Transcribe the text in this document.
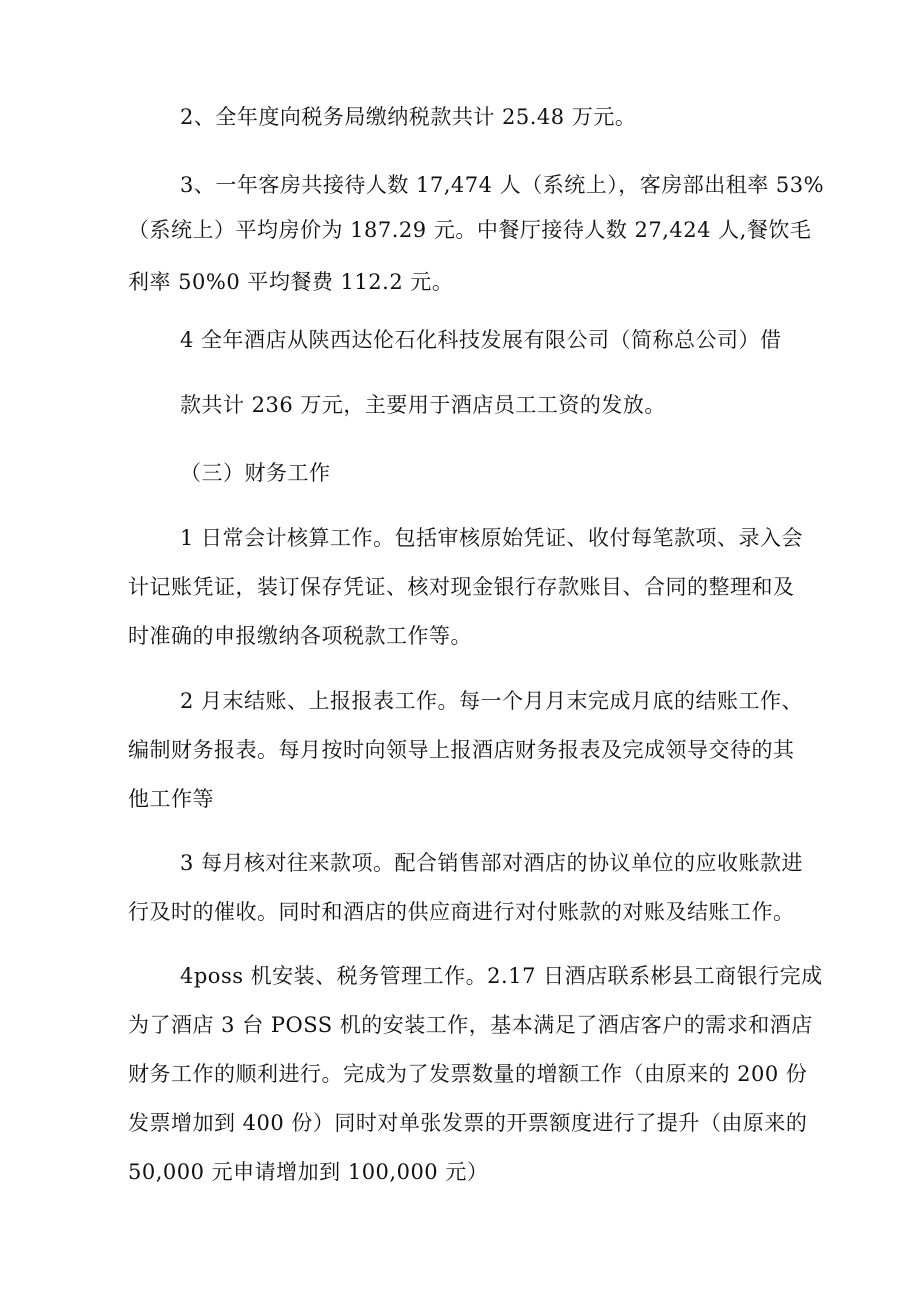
2、全年度向税务局缴纳税款共计 25.48 万元。
3、一年客房共接待人数 17,474 人（系统上），客房部出租率 53%
（系统上）平均房价为 187.29 元。中餐厅接待人数 27,424 人,餐饮毛
利率 50%0 平均餐费 112.2 元。
4 全年酒店从陕西达伦石化科技发展有限公司（简称总公司）借
款共计 236 万元，主要用于酒店员工工资的发放。
（三）财务工作
1 日常会计核算工作。包括审核原始凭证、收付每笔款项、录入会
计记账凭证，装订保存凭证、核对现金银行存款账目、合同的整理和及
时准确的申报缴纳各项税款工作等。
2 月末结账、上报报表工作。每一个月月末完成月底的结账工作、
编制财务报表。每月按时向领导上报酒店财务报表及完成领导交待的其
他工作等
3 每月核对往来款项。配合销售部对酒店的协议单位的应收账款进
行及时的催收。同时和酒店的供应商进行对付账款的对账及结账工作。
4poss 机安装、税务管理工作。2.17 日酒店联系彬县工商银行完成
为了酒店 3 台 POSS 机的安装工作，基本满足了酒店客户的需求和酒店
财务工作的顺利进行。完成为了发票数量的增额工作（由原来的 200 份
发票增加到 400 份）同时对单张发票的开票额度进行了提升（由原来的
50,000 元申请增加到 100,000 元）
